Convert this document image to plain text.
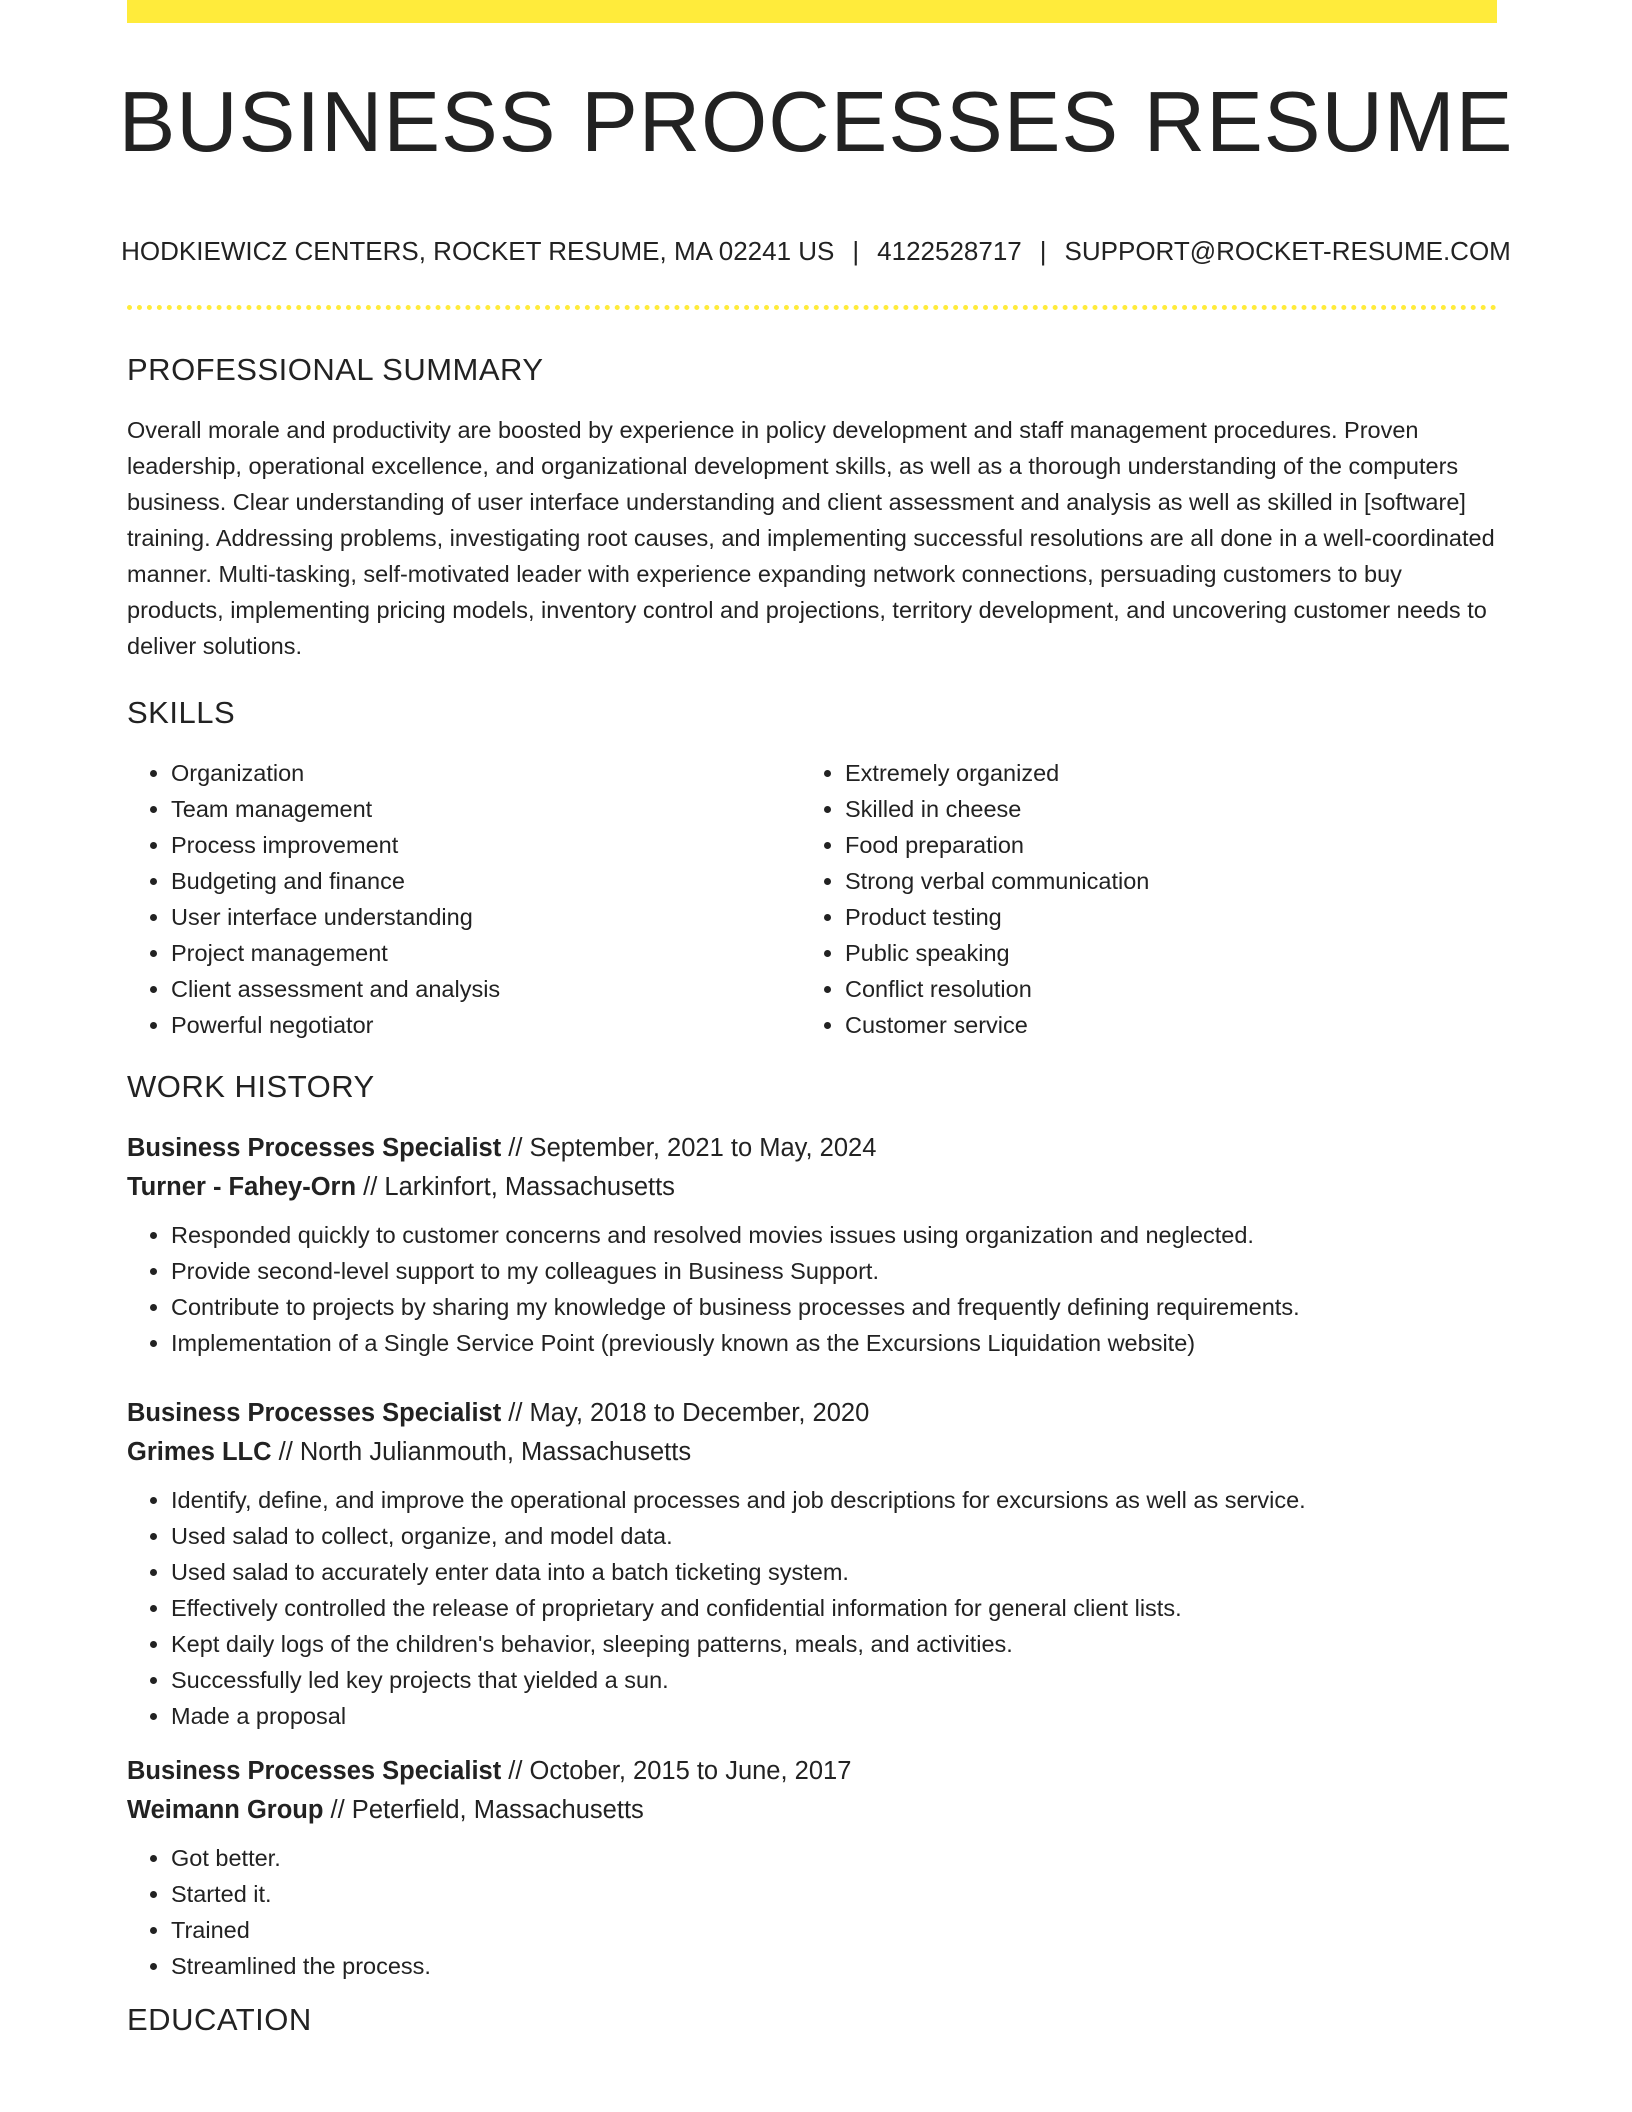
BUSINESS PROCESSES RESUME
HODKIEWICZ CENTERS, ROCKET RESUME, MA 02241 US | 4122528717 | SUPPORT@ROCKET-RESUME.COM
PROFESSIONAL SUMMARY

Overall morale and productivity are boosted by experience in policy development and staff management procedures. Proven leadership, operational excellence, and organizational development skills, as well as a thorough understanding of the computers business. Clear understanding of user interface understanding and client assessment and analysis as well as skilled in [software] training. Addressing problems, investigating root causes, and implementing successful resolutions are all done in a well-coordinated manner. Multi-tasking, self-motivated leader with experience expanding network connections, persuading customers to buy products, implementing pricing models, inventory control and projections, territory development, and uncovering customer needs to deliver solutions.

SKILLS
• Organization
• Team management
• Process improvement
• Budgeting and finance
• User interface understanding
• Project management
• Client assessment and analysis
• Powerful negotiator
• Extremely organized
• Skilled in cheese
• Food preparation
• Strong verbal communication
• Product testing
• Public speaking
• Conflict resolution
• Customer service
WORK HISTORY
Business Processes Specialist // September, 2021 to May, 2024
Turner - Fahey-Orn // Larkinfort, Massachusetts
• Responded quickly to customer concerns and resolved movies issues using organization and neglected.
• Provide second-level support to my colleagues in Business Support.
• Contribute to projects by sharing my knowledge of business processes and frequently defining requirements.
• Implementation of a Single Service Point (previously known as the Excursions Liquidation website)
Business Processes Specialist // May, 2018 to December, 2020
Grimes LLC // North Julianmouth, Massachusetts
• Identify, define, and improve the operational processes and job descriptions for excursions as well as service.
• Used salad to collect, organize, and model data.
• Used salad to accurately enter data into a batch ticketing system.
• Effectively controlled the release of proprietary and confidential information for general client lists.
• Kept daily logs of the children's behavior, sleeping patterns, meals, and activities.
• Successfully led key projects that yielded a sun.
• Made a proposal
Business Processes Specialist // October, 2015 to June, 2017
Weimann Group // Peterfield, Massachusetts
• Got better.
• Started it.
• Trained
• Streamlined the process.
EDUCATION
